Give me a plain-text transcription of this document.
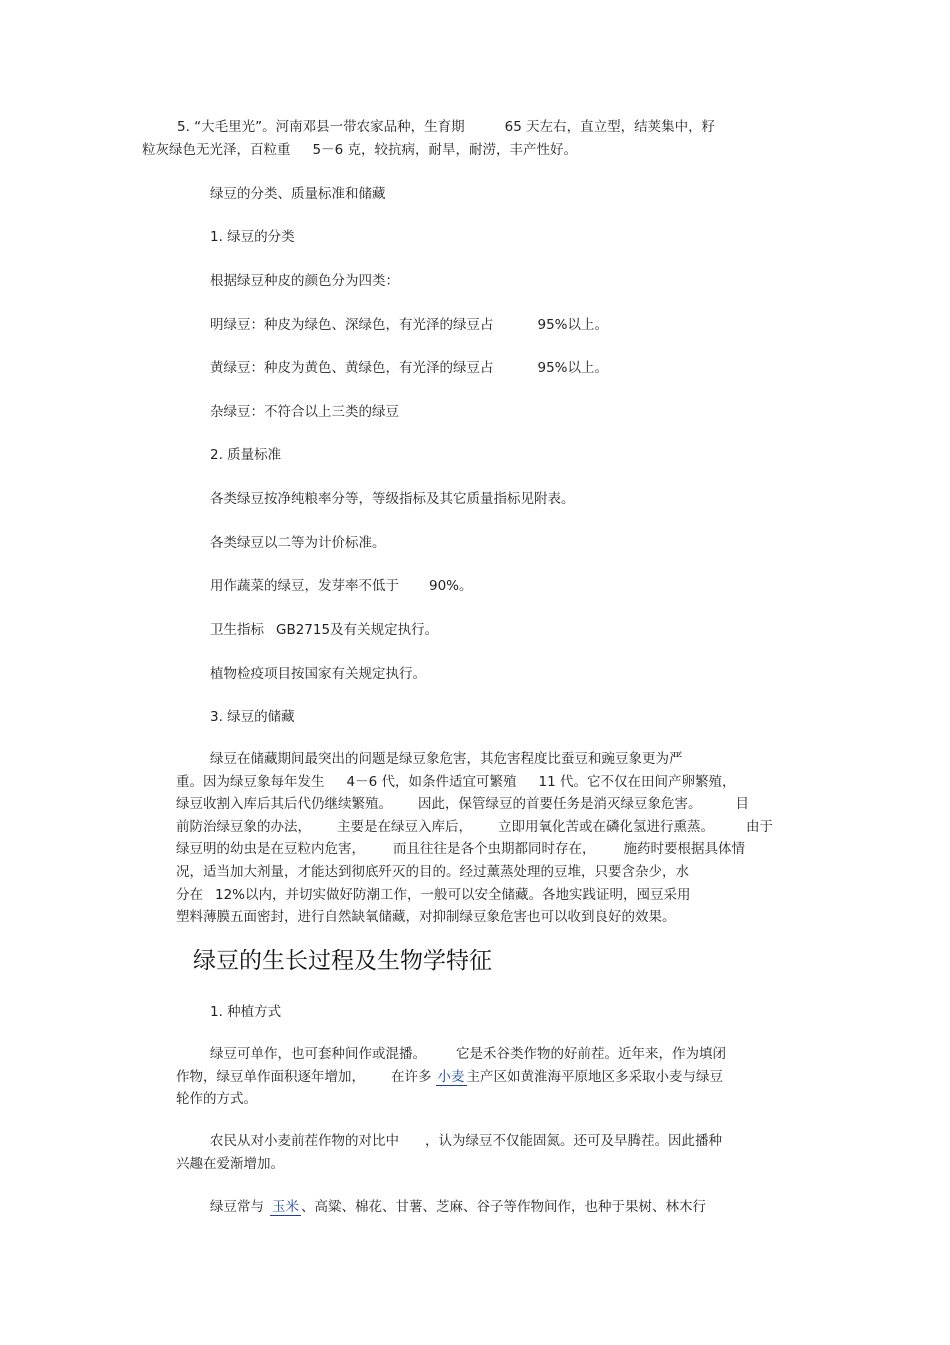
5. “大毛里光”。河南邓县一带农家品种，生育期	65 天左右，直立型，结荚集中，籽
粒灰绿色无光泽，百粒重 5－6 克，较抗病，耐旱，耐涝，丰产性好。
绿豆的分类、质量标准和储藏
1. 绿豆的分类
根据绿豆种皮的颜色分为四类：
明绿豆：种皮为绿色、深绿色，有光泽的绿豆占	95%以上。
黄绿豆：种皮为黄色、黄绿色，有光泽的绿豆占	95%以上。
杂绿豆：不符合以上三类的绿豆
2. 质量标准
各类绿豆按净纯粮率分等，等级指标及其它质量指标见附表。
各类绿豆以二等为计价标准。
用作蔬菜的绿豆，发芽率不低于 90%。
卫生指标 GB2715及有关规定执行。
植物检疫项目按国家有关规定执行。
3. 绿豆的储藏
绿豆在储藏期间最突出的问题是绿豆象危害，其危害程度比蚕豆和豌豆象更为严
重。因为绿豆象每年发生 4－6 代，如条件适宜可繁殖 11 代。它不仅在田间产卵繁殖，
绿豆收割入库后其后代仍继续繁殖。 因此，保管绿豆的首要任务是消灭绿豆象危害。	目
前防治绿豆象的办法， 主要是在绿豆入库后， 立即用氧化苦或在磷化氢进行熏蒸。 由于
绿豆明的幼虫是在豆粒内危害， 而且往往是各个虫期都同时存在， 施药时要根据具体情
况，适当加大剂量，才能达到彻底歼灭的目的。经过薰蒸处理的豆堆，只要含杂少，水
分在 12%以内，并切实做好防潮工作，一般可以安全储藏。各地实践证明，囤豆采用
塑料薄膜五面密封，进行自然缺氧储藏，对抑制绿豆象危害也可以收到良好的效果。
绿豆的生长过程及生物学特征
1. 种植方式
绿豆可单作，也可套种间作或混播。 它是禾谷类作物的好前茬。近年来，作为填闭
作物，绿豆单作面积逐年增加， 在许多 小麦 主产区如黄淮海平原地区多采取小麦与绿豆
轮作的方式。
农民从对小麦前茬作物的对比中 ，认为绿豆不仅能固氮。还可及早腾茬。因此播种
兴趣在爱渐增加。
绿豆常与 玉米 、高粱、棉花、甘薯、芝麻、谷子等作物间作，也种于果树、林木行
